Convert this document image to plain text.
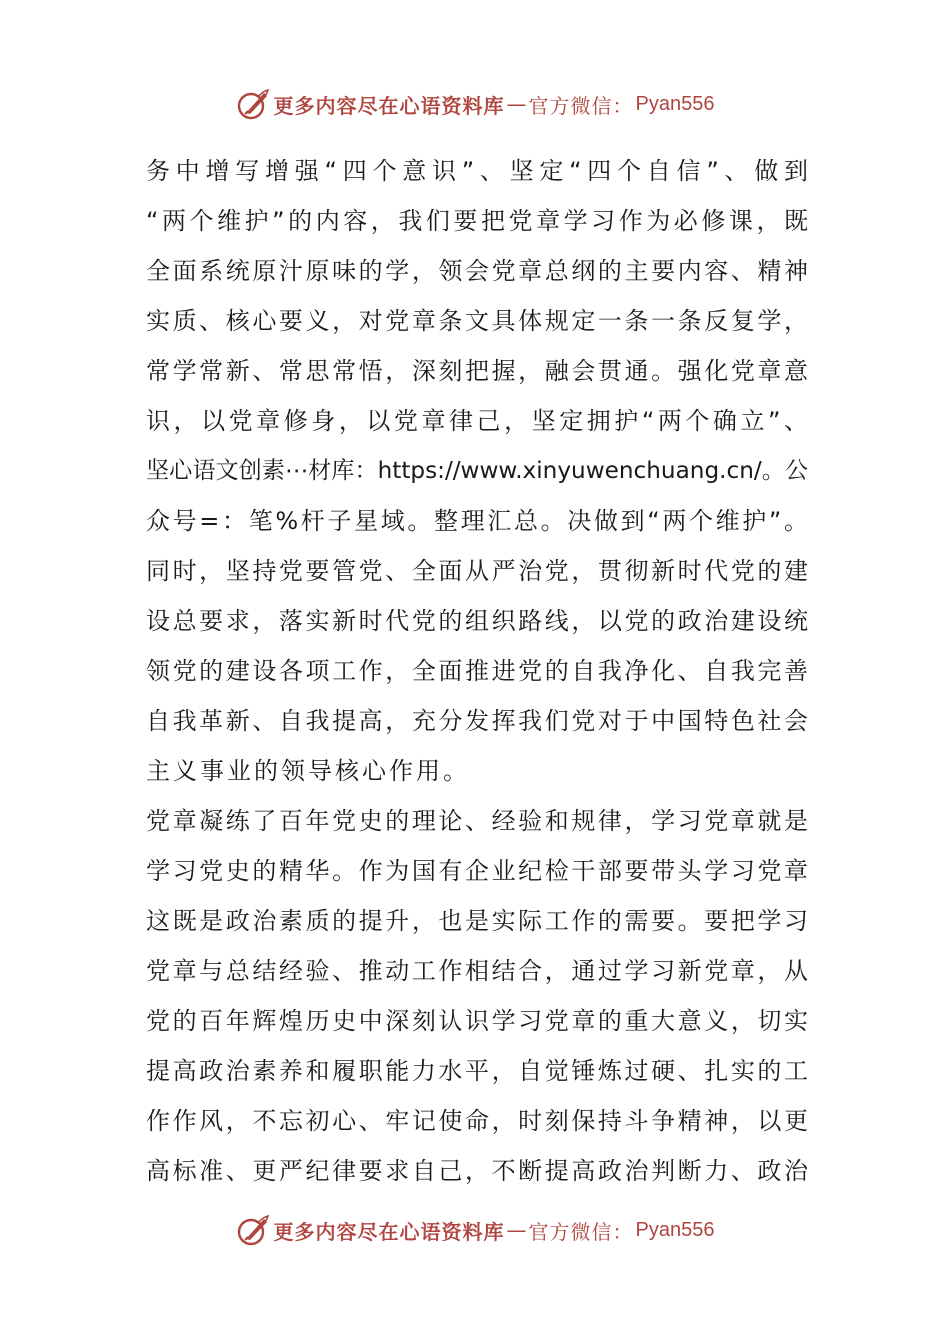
更多内容尽在心语资料库 — 官方微信： Pyan556
务中增写增强“四个意识”、坚定“四个自信”、做到
“两个维护”的内容，我们要把党章学习作为必修课，既
全面系统原汁原味的学，领会党章总纲的主要内容、精神
实质、核心要义，对党章条文具体规定一条一条反复学，
常学常新、常思常悟，深刻把握，融会贯通。强化党章意
识，以党章修身，以党章律己，坚定拥护“两个确立”、
坚心语文创素⋯材库：https://www.xinyuwenchuang.cn/。公
众号=：笔%杆子星域。整理汇总。决做到“两个维护”。
同时，坚持党要管党、全面从严治党，贯彻新时代党的建
设总要求，落实新时代党的组织路线，以党的政治建设统
领党的建设各项工作，全面推进党的自我净化、自我完善
自我革新、自我提高，充分发挥我们党对于中国特色社会
主义事业的领导核心作用。
党章凝练了百年党史的理论、经验和规律，学习党章就是
学习党史的精华。作为国有企业纪检干部要带头学习党章
这既是政治素质的提升，也是实际工作的需要。要把学习
党章与总结经验、推动工作相结合，通过学习新党章，从
党的百年辉煌历史中深刻认识学习党章的重大意义，切实
提高政治素养和履职能力水平，自觉锤炼过硬、扎实的工
作作风，不忘初心、牢记使命，时刻保持斗争精神，以更
高标准、更严纪律要求自己，不断提高政治判断力、政治
更多内容尽在心语资料库 — 官方微信： Pyan556
